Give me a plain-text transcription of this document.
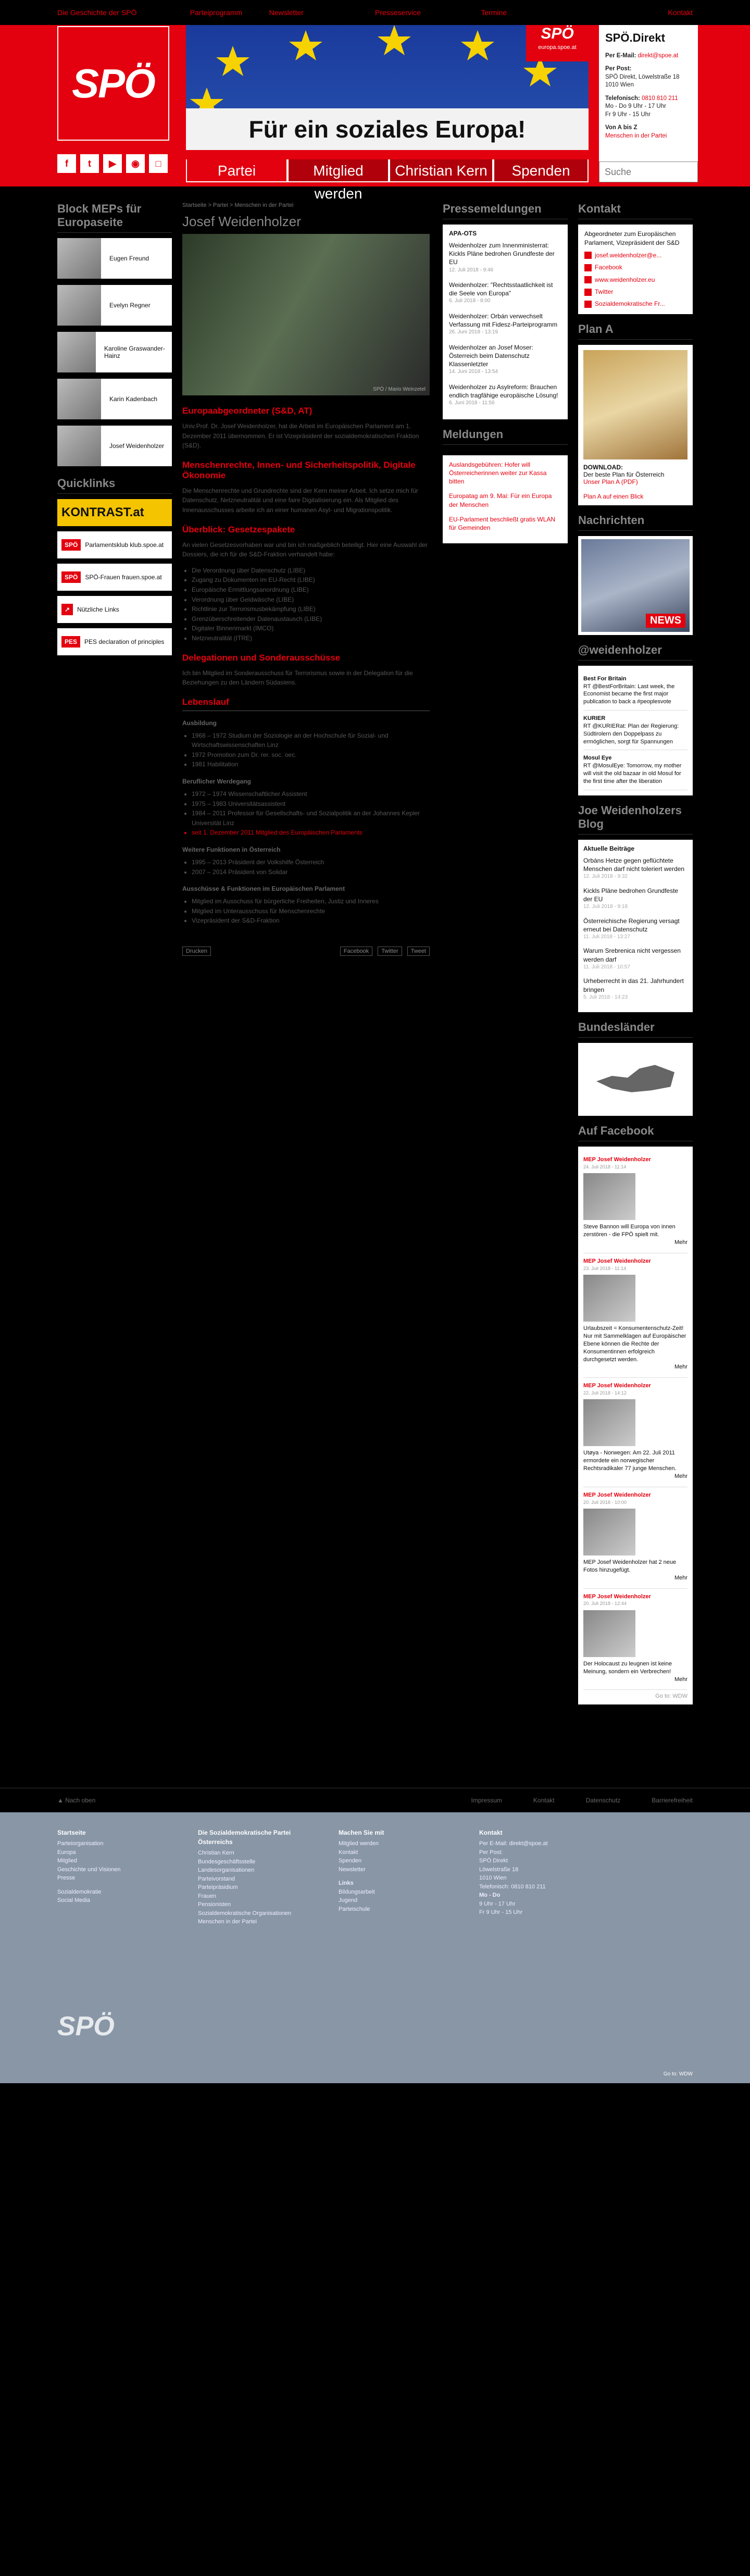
Die Geschichte der SPÖ	Parteiprogramm	Newsletter	Presseservice	Termine	Kontakt
SPÖ
f	t	▶	◉	□
SPÖ
europa.spoe.at
Für ein soziales Europa!
SPÖ.Direkt

Per E-Mail: direkt@spoe.at

Per Post:
SPÖ Direkt, Löwelstraße 18
1010 Wien

Telefonisch: 0810 810 211
Mo - Do 9 Uhr - 17 Uhr
Fr 9 Uhr - 15 Uhr

Von A bis Z
Menschen in der Partei

Partei	Mitglied werden
Christian Kern	Spenden
Suche
Block MEPs für Europaseite
Eugen Freund
Evelyn Regner
Karoline Graswander-Hainz
Karin Kadenbach
Josef Weidenholzer
Quicklinks
KONTRAST.at
SPÖ	Parlamentsklub klub.spoe.at
SPÖ	SPÖ-Frauen frauen.spoe.at
↗	Nützliche Links
PES	PES declaration of principles
Startseite > Partei > Menschen in der Partei
Josef Weidenholzer
SPÖ / Mario Weinzetel
Europaabgeordneter (S&D, AT)

Univ.Prof. Dr. Josef Weidenholzer, hat die Arbeit im Europäischen Parlament am 1. Dezember 2011 übernommen. Er ist Vizepräsident der sozialdemokratischen Fraktion (S&D).

Menschenrechte, Innen- und Sicherheitspolitik, Digitale Ökonomie

Die Menschenrechte und Grundrechte sind der Kern meiner Arbeit. Ich setze mich für Datenschutz, Netzneutralität und eine faire Digitalisierung ein. Als Mitglied des Innenausschusses arbeite ich an einer humanen Asyl- und Migrationspolitik.

Überblick: Gesetzespakete

An vielen Gesetzesvorhaben war und bin ich maßgeblich beteiligt. Hier eine Auswahl der Dossiers, die ich für die S&D-Fraktion verhandelt habe:

• Die Verordnung über Datenschutz (LIBE)
• Zugang zu Dokumenten im EU-Recht (LIBE)
• Europäische Ermittlungsanordnung (LIBE)
• Verordnung über Geldwäsche (LIBE)
• Richtlinie zur Terrorismusbekämpfung (LIBE)
• Grenzüberschreitender Datenaustausch (LIBE)
• Digitaler Binnenmarkt (IMCO)
• Netzneutralität (ITRE)
Delegationen und Sonderausschüsse

Ich bin Mitglied im Sonderausschuss für Terrorismus sowie in der Delegation für die Beziehungen zu den Ländern Südasiens.

Lebenslauf
Ausbildung
• 1968 – 1972 Studium der Soziologie an der Hochschule für Sozial- und Wirtschaftswissenschaften Linz
• 1972 Promotion zum Dr. rer. soc. oec.
• 1981 Habilitation
Beruflicher Werdegang
• 1972 – 1974 Wissenschaftlicher Assistent
• 1975 – 1983 Universitätsassistent
• 1984 – 2011 Professor für Gesellschafts- und Sozialpolitik an der Johannes Kepler Universität Linz
• seit 1. Dezember 2011 Mitglied des Europäischen Parlaments
Weitere Funktionen in Österreich
• 1995 – 2013 Präsident der Volkshilfe Österreich
• 2007 – 2014 Präsident von Solidar
Ausschüsse & Funktionen im Europäischen Parlament
• Mitglied im Ausschuss für bürgerliche Freiheiten, Justiz und Inneres
• Mitglied im Unterausschuss für Menschenrechte
• Vizepräsident der S&D-Fraktion
Drucken	Facebook	Twitter	Tweet
Pressemeldungen
APA-OTS
Weidenholzer zum Innenministerrat: Kickls Pläne bedrohen Grundfeste der EU
12. Juli 2018 - 9:46
Weidenholzer: "Rechtsstaatlichkeit ist die Seele von Europa"
6. Juli 2018 - 8:00
Weidenholzer: Orbán verwechselt Verfassung mit Fidesz-Parteiprogramm
26. Juni 2018 - 13:19
Weidenholzer an Josef Moser: Österreich beim Datenschutz Klassenletzter
14. Juni 2018 - 13:54
Weidenholzer zu Asylreform: Brauchen endlich tragfähige europäische Lösung!
6. Juni 2018 - 11:56
Meldungen

Auslandsgebühren: Hofer will Österreicherinnen weiter zur Kassa bitten

Europatag am 9. Mai: Für ein Europa der Menschen

EU-Parlament beschließt gratis WLAN für Gemeinden

Kontakt

Abgeordneter zum Europäischen Parlament, Vizepräsident der S&D

josef.weidenholzer@e...
Facebook
www.weidenholzer.eu
Twitter
Sozialdemokratische Fr...
Plan A
DOWNLOAD:
Der beste Plan für Österreich
Unser Plan A (PDF)

Plan A auf einen Blick
Nachrichten
NEWS
@weidenholzer
Best For Britain
RT @BestForBritain: Last week, the Economist became the first major publication to back a #peoplesvote
KURIER
RT @KURIERat: Plan der Regierung: Südtirolern den Doppelpass zu ermöglichen, sorgt für Spannungen
Mosul Eye
RT @MosulEye: Tomorrow, my mother will visit the old bazaar in old Mosul for the first time after the liberation
Joe Weidenholzers Blog
Aktuelle Beiträge
Orbáns Hetze gegen geflüchtete Menschen darf nicht toleriert werden
12. Juli 2018 - 9:32
Kickls Pläne bedrohen Grundfeste der EU
12. Juli 2018 - 9:18
Österreichische Regierung versagt erneut bei Datenschutz
11. Juli 2018 - 13:27
Warum Srebrenica nicht vergessen werden darf
11. Juli 2018 - 10:57
Urheberrecht in das 21. Jahrhundert bringen
5. Juli 2018 - 14:23
Bundesländer
Auf Facebook
MEP Josef Weidenholzer
24. Juli 2018 - 11:14
Steve Bannon will Europa von innen zerstören - die FPÖ spielt mit.
Mehr
MEP Josef Weidenholzer
23. Juli 2018 - 11:14
Urlaubszeit = Konsumentenschutz-Zeit! Nur mit Sammelklagen auf Europäischer Ebene können die Rechte der Konsumentinnen erfolgreich durchgesetzt werden.
Mehr
MEP Josef Weidenholzer
22. Juli 2018 - 14:12
Utøya - Norwegen: Am 22. Juli 2011 ermordete ein norwegischer Rechtsradikaler 77 junge Menschen.
Mehr
MEP Josef Weidenholzer
20. Juli 2018 - 10:00
MEP Josef Weidenholzer hat 2 neue Fotos hinzugefügt.
Mehr
MEP Josef Weidenholzer
20. Juli 2018 - 12:44
Der Holocaust zu leugnen ist keine Meinung, sondern ein Verbrechen!
Mehr
Go to: WDW
▲ Nach oben	Impressum	Kontakt	Datenschutz	Barrierefreiheit
Startseite

Parteiorganisation

Europa

Mitglied

Geschichte und Visionen

Presse

Sozialdemokratie

Social Media

Die Sozialdemokratische Partei Österreichs

Christian Kern

Bundesgeschäftsstelle

Landesorganisationen

Parteivorstand

Parteipräsidium

Frauen

Pensionisten

Sozialdemokratische Organisationen

Menschen in der Partei

Machen Sie mit

Mitglied werden

Kontakt

Spenden

Newsletter

Links

Bildungsarbeit

Jugend

Parteischule

Kontakt

Per E-Mail: direkt@spoe.at

Per Post:

SPÖ Direkt

Löwelstraße 18

1010 Wien

Telefonisch: 0810 810 211

Mo - Do

9 Uhr - 17 Uhr

Fr 9 Uhr - 15 Uhr

SPÖ
Go to: WDW
